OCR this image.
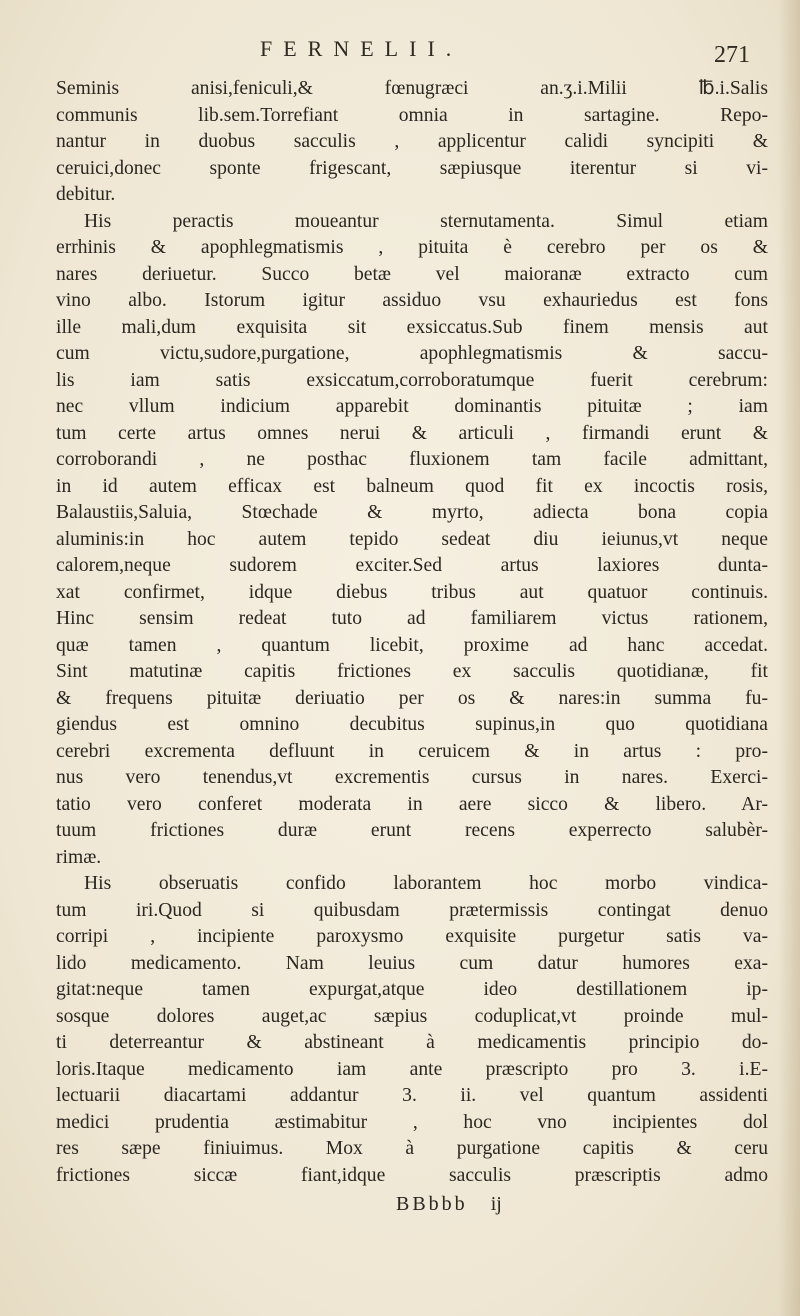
FERNELII.	271
Seminis anisi,feniculi,& fœnugræci an.ʒ.i.Milii ℔.i.Salis
communis lib.sem.Torrefiant omnia in sartagine. Repo-
nantur in duobus sacculis , applicentur calidi syncipiti &
ceruici,donec sponte frigescant, sæpiusque iterentur si vi-
debitur.
His peractis moueantur sternutamenta. Simul etiam
errhinis & apophlegmatismis , pituita è cerebro per os &
nares deriuetur. Succo betæ vel maioranæ extracto cum
vino albo. Istorum igitur assiduo vsu exhauriedus est fons
ille mali,dum exquisita sit exsiccatus.Sub finem mensis aut
cum victu,sudore,purgatione, apophlegmatismis & saccu-
lis iam satis exsiccatum,corroboratumque fuerit cerebrum:
nec vllum indicium apparebit dominantis pituitæ ; iam
tum certe artus omnes nerui & articuli , firmandi erunt &
corroborandi , ne posthac fluxionem tam facile admittant,
in id autem efficax est balneum quod fit ex incoctis rosis,
Balaustiis,Saluia, Stœchade & myrto, adiecta bona copia
aluminis:in hoc autem tepido sedeat diu ieiunus,vt neque
calorem,neque sudorem exciter.Sed artus laxiores dunta-
xat confirmet, idque diebus tribus aut quatuor continuis.
Hinc sensim redeat tuto ad familiarem victus rationem,
quæ tamen , quantum licebit, proxime ad hanc accedat.
Sint matutinæ capitis frictiones ex sacculis quotidianæ, fit
& frequens pituitæ deriuatio per os & nares:in summa fu-
giendus est omnino decubitus supinus,in quo quotidiana
cerebri excrementa defluunt in ceruicem & in artus : pro-
nus vero tenendus,vt excrementis cursus in nares. Exerci-
tatio vero conferet moderata in aere sicco & libero. Ar-
tuum frictiones duræ erunt recens experrecto salubèr-
rimæ.
His obseruatis confido laborantem hoc morbo vindica-
tum iri.Quod si quibusdam prætermissis contingat denuo
corripi , incipiente paroxysmo exquisite purgetur satis va-
lido medicamento. Nam leuius cum datur humores exa-
gitat:neque tamen expurgat,atque ideo destillationem ip-
sosque dolores auget,ac sæpius coduplicat,vt proinde mul-
ti deterreantur & abstineant à medicamentis principio do-
loris.Itaque medicamento iam ante præscripto pro 3. i.E-
lectuarii diacartami addantur 3. ii. vel quantum assidenti
medici prudentia æstimabitur , hoc vno incipientes dol
res sæpe finiuimus. Mox à purgatione capitis & ceru
frictiones siccæ fiant,idque sacculis præscriptis admo
BBbbb ij
